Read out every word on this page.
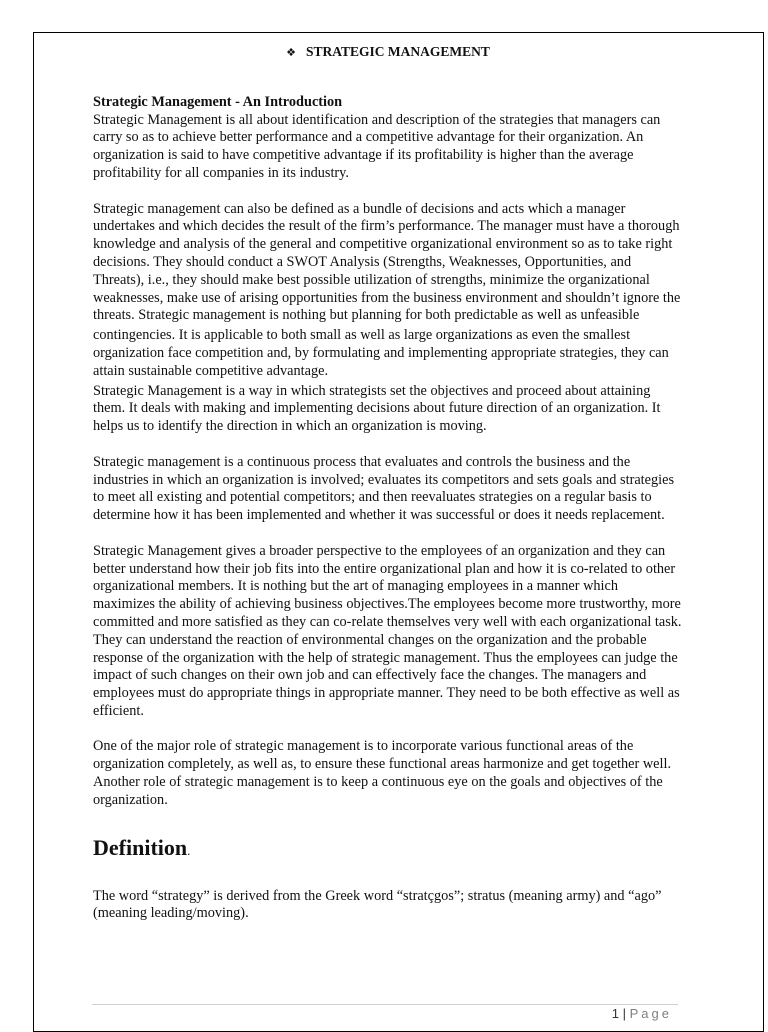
❖ STRATEGIC MANAGEMENT

Strategic Management - An Introduction
Strategic Management is all about identification and description of the strategies that managers can carry so as to achieve better performance and a competitive advantage for their organization. An organization is said to have competitive advantage if its profitability is higher than the average profitability for all companies in its industry.

Strategic management can also be defined as a bundle of decisions and acts which a manager undertakes and which decides the result of the firm’s performance. The manager must have a thorough knowledge and analysis of the general and competitive organizational environment so as to take right decisions. They should conduct a SWOT Analysis (Strengths, Weaknesses, Opportunities, and Threats), i.e., they should make best possible utilization of strengths, minimize the organizational weaknesses, make use of arising opportunities from the business environment and shouldn’t ignore the threats. Strategic management is nothing but planning for both predictable as well as unfeasible

contingencies. It is applicable to both small as well as large organizations as even the smallest organization face competition and, by formulating and implementing appropriate strategies, they can attain sustainable competitive advantage.

Strategic Management is a way in which strategists set the objectives and proceed about attaining them. It deals with making and implementing decisions about future direction of an organization. It helps us to identify the direction in which an organization is moving.

Strategic management is a continuous process that evaluates and controls the business and the industries in which an organization is involved; evaluates its competitors and sets goals and strategies to meet all existing and potential competitors; and then reevaluates strategies on a regular basis to determine how it has been implemented and whether it was successful or does it needs replacement.

Strategic Management gives a broader perspective to the employees of an organization and they can better understand how their job fits into the entire organizational plan and how it is co-related to other organizational members. It is nothing but the art of managing employees in a manner which maximizes the ability of achieving business objectives.The employees become more trustworthy, more committed and more satisfied as they can co-relate themselves very well with each organizational task. They can understand the reaction of environmental changes on the organization and the probable response of the organization with the help of strategic management. Thus the employees can judge the impact of such changes on their own job and can effectively face the changes. The managers and employees must do appropriate things in appropriate manner. They need to be both effective as well as efficient.

One of the major role of strategic management is to incorporate various functional areas of the organization completely, as well as, to ensure these functional areas harmonize and get together well. Another role of strategic management is to keep a continuous eye on the goals and objectives of the organization.

Definition.

The word “strategy” is derived from the Greek word “stratçgos”; stratus (meaning army) and “ago” (meaning leading/moving).

1 | Page
